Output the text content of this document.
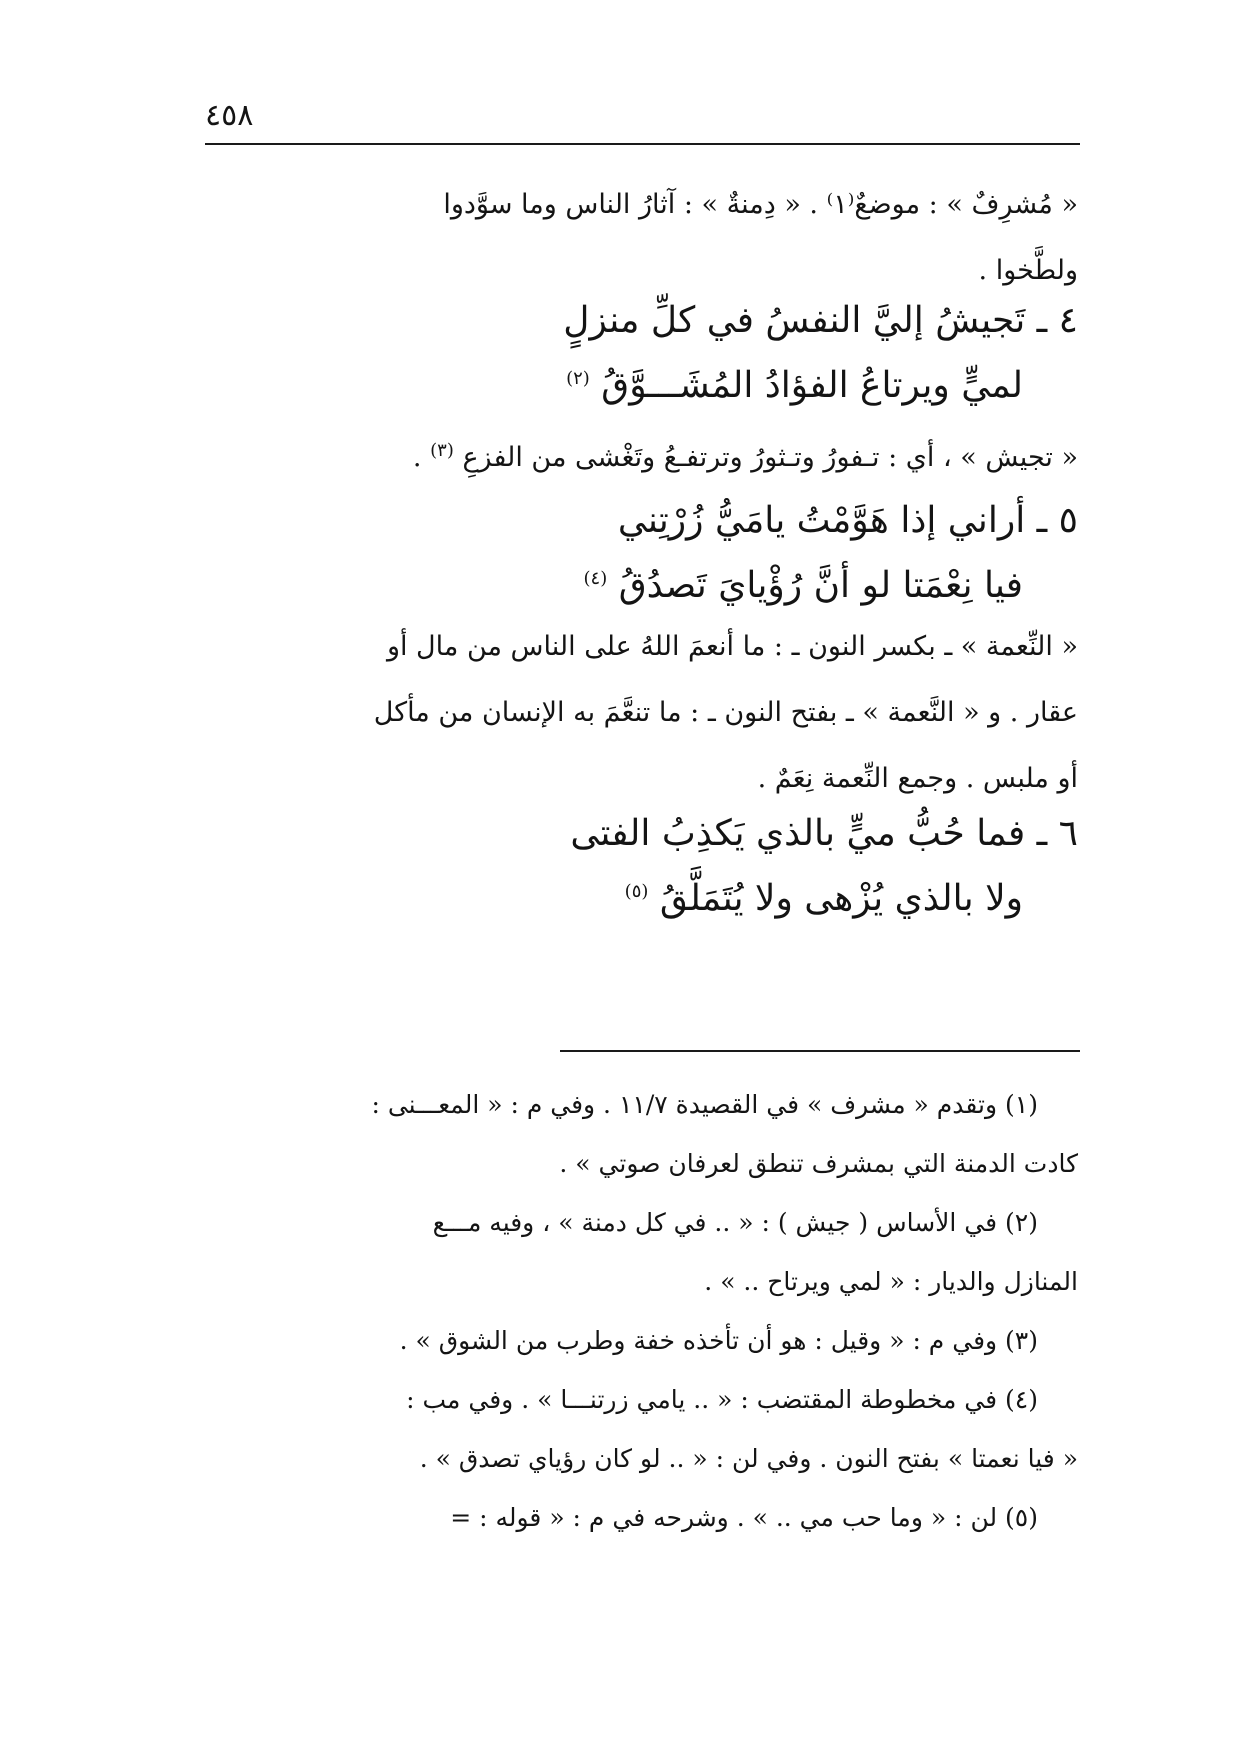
٤٥٨

« مُشرِفٌ » : موضعٌ⁽١⁾ . « دِمنةٌ » : آثارُ الناس وما سوَّدوا

ولطَّخوا .

٤ ـ تَجيشُ إليَّ النفسُ في كلِّ منزلٍ
لميٍّ ويرتاعُ الفؤادُ المُشَـــوَّقُ $^{(٢)}$

« تجيش » ، أي : تـفورُ وتـثورُ وترتفـعُ وتَغْشى من الفزعِ $^{(٣)}$ .

٥ ـ أراني إذا هَوَّمْتُ يامَيُّ زُرْتِني
فيا نِعْمَتا لو أنَّ رُؤْيايَ تَصدُقُ $^{(٤)}$

« النِّعمة » ـ بكسر النون ـ : ما أنعمَ اللهُ على الناس من مال أو

عقار . و « النَّعمة » ـ بفتح النون ـ : ما تنعَّمَ به الإنسان من مأكل

أو ملبس . وجمع النِّعمة نِعَمٌ .

٦ ـ فما حُبُّ ميٍّ بالذي يَكذِبُ الفتى
ولا بالذي يُزْهى ولا يُتَمَلَّقُ $^{(٥)}$

(١) وتقدم « مشرف » في القصيدة ١١/٧ . وفي م : « المعـــنى :

كادت الدمنة التي بمشرف تنطق لعرفان صوتي » .

(٢) في الأساس ( جيش ) : « .. في كل دمنة » ، وفيه مـــع

المنازل والديار : « لمي ويرتاح .. » .

(٣) وفي م : « وقيل : هو أن تأخذه خفة وطرب من الشوق » .

(٤) في مخطوطة المقتضب : « .. يامي زرتنـــا » . وفي مب :

« فيا نعمتا » بفتح النون . وفي لن : « .. لو كان رؤياي تصدق » .

(٥) لن : « وما حب مي .. » . وشرحه في م : « قوله : =
